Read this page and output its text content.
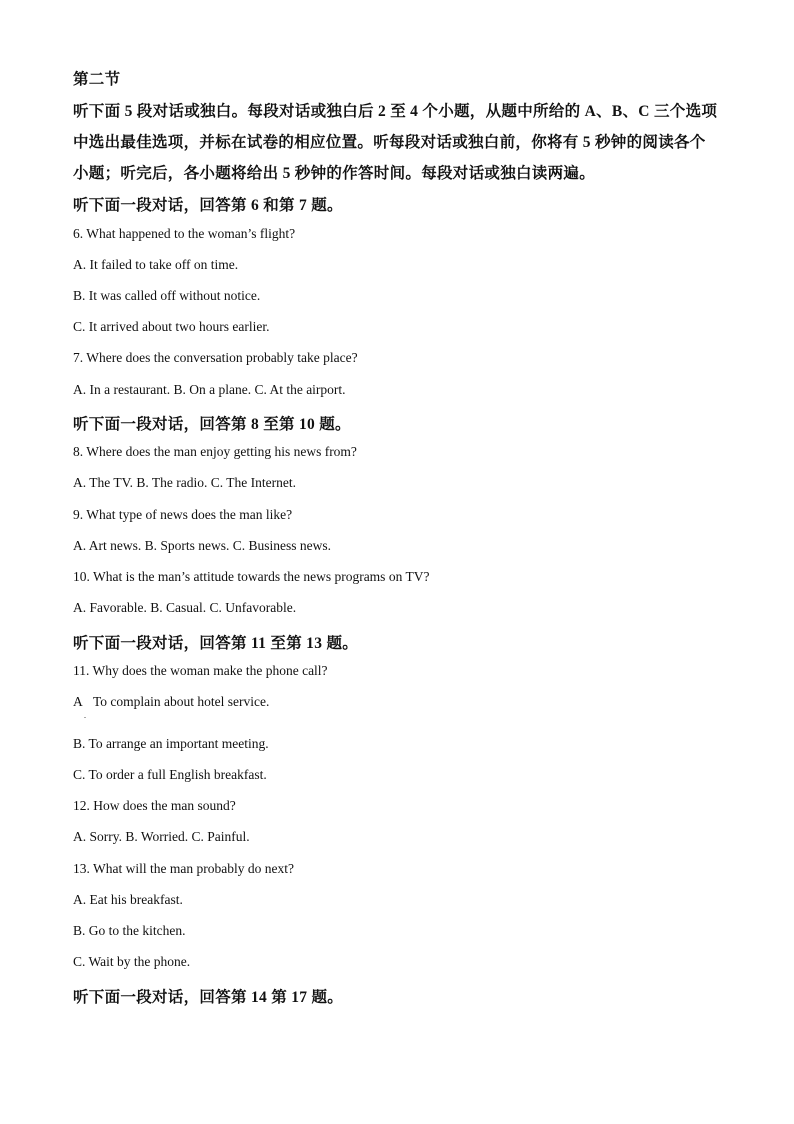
第二节
听下面 5 段对话或独白。每段对话或独白后 2 至 4 个小题，从题中所给的 A、B、C 三个选项
中选出最佳选项，并标在试卷的相应位置。听每段对话或独白前，你将有 5 秒钟的阅读各个
小题；听完后，各小题将给出 5 秒钟的作答时间。每段对话或独白读两遍。
听下面一段对话，回答第 6 和第 7 题。
6. What happened to the woman’s flight?
A. It failed to take off on time.
B. It was called off without notice.
C. It arrived about two hours earlier.
7. Where does the conversation probably take place?
A. In a restaurant. B. On a plane. C. At the airport.
听下面一段对话，回答第 8 至第 10 题。
8. Where does the man enjoy getting his news from?
A. The TV. B. The radio. C. The Internet.
9. What type of news does the man like?
A. Art news. B. Sports news. C. Business news.
10. What is the man’s attitude towards the news programs on TV?
A. Favorable. B. Casual. C. Unfavorable.
听下面一段对话，回答第 11 至第 13 题。
11. Why does the woman make the phone call?
A To complain about hotel service.
.
B. To arrange an important meeting.
C. To order a full English breakfast.
12. How does the man sound?
A. Sorry. B. Worried. C. Painful.
13. What will the man probably do next?
A. Eat his breakfast.
B. Go to the kitchen.
C. Wait by the phone.
听下面一段对话，回答第 14 第 17 题。
